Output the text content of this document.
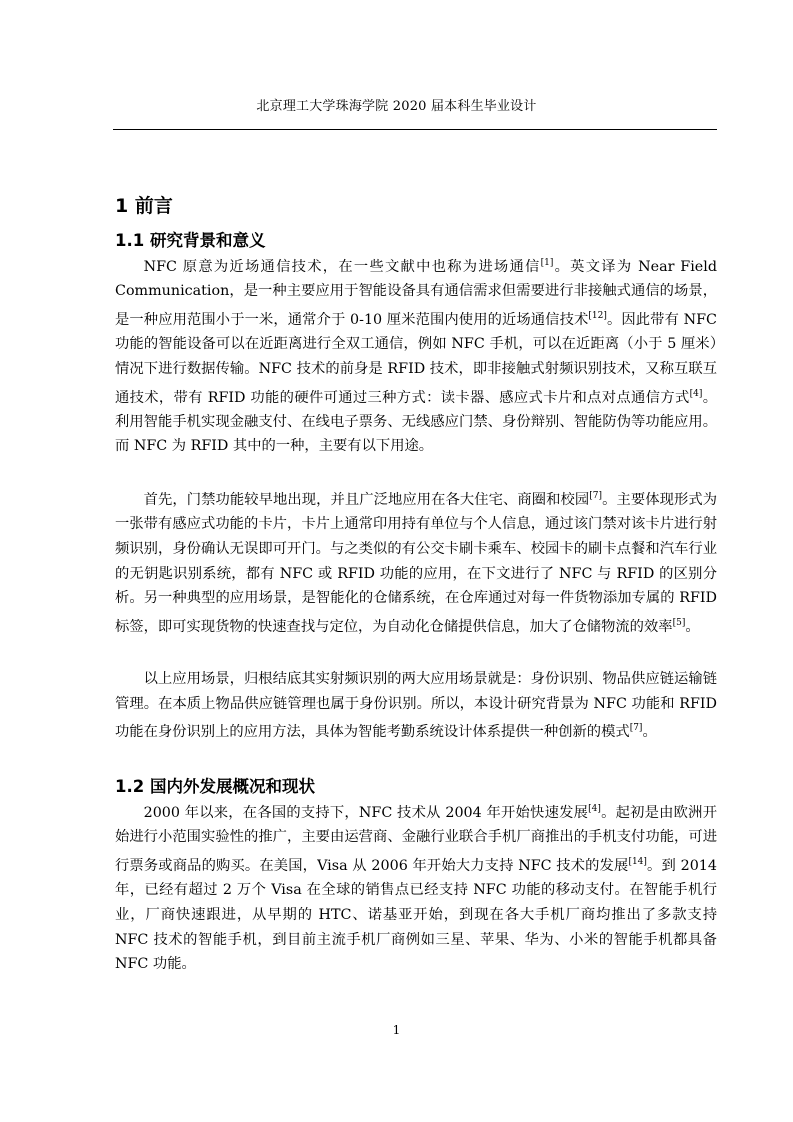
北京理工大学珠海学院 2020 届本科生毕业设计
1 前言
1.1 研究背景和意义

NFC 原意为近场通信技术，在一些文献中也称为进场通信[1]。英文译为 Near Field Communication，是一种主要应用于智能设备具有通信需求但需要进行非接触式通信的场景，是一种应用范围小于一米，通常介于 0-10 厘米范围内使用的近场通信技术[12]。因此带有 NFC 功能的智能设备可以在近距离进行全双工通信，例如 NFC 手机，可以在近距离（小于 5 厘米）情况下进行数据传输。NFC 技术的前身是 RFID 技术，即非接触式射频识别技术，又称互联互通技术，带有 RFID 功能的硬件可通过三种方式：读卡器、感应式卡片和点对点通信方式[4]。利用智能手机实现金融支付、在线电子票务、无线感应门禁、身份辩别、智能防伪等功能应用。而 NFC 为 RFID 其中的一种，主要有以下用途。

首先，门禁功能较早地出现，并且广泛地应用在各大住宅、商圈和校园[7]。主要体现形式为一张带有感应式功能的卡片，卡片上通常印用持有单位与个人信息，通过该门禁对该卡片进行射频识别，身份确认无误即可开门。与之类似的有公交卡刷卡乘车、校园卡的刷卡点餐和汽车行业的无钥匙识别系统，都有 NFC 或 RFID 功能的应用，在下文进行了 NFC 与 RFID 的区别分析。另一种典型的应用场景，是智能化的仓储系统，在仓库通过对每一件货物添加专属的 RFID 标签，即可实现货物的快速查找与定位，为自动化仓储提供信息，加大了仓储物流的效率[5]。

以上应用场景，归根结底其实射频识别的两大应用场景就是：身份识别、物品供应链运输链管理。在本质上物品供应链管理也属于身份识别。所以，本设计研究背景为 NFC 功能和 RFID 功能在身份识别上的应用方法，具体为智能考勤系统设计体系提供一种创新的模式[7]。

1.2 国内外发展概况和现状

2000 年以来，在各国的支持下，NFC 技术从 2004 年开始快速发展[4]。起初是由欧洲开始进行小范围实验性的推广，主要由运营商、金融行业联合手机厂商推出的手机支付功能，可进行票务或商品的购买。在美国，Visa 从 2006 年开始大力支持 NFC 技术的发展[14]。到 2014 年，已经有超过 2 万个 Visa 在全球的销售点已经支持 NFC 功能的移动支付。在智能手机行业，厂商快速跟进，从早期的 HTC、诺基亚开始，到现在各大手机厂商均推出了多款支持 NFC 技术的智能手机，到目前主流手机厂商例如三星、苹果、华为、小米的智能手机都具备 NFC 功能。

1
